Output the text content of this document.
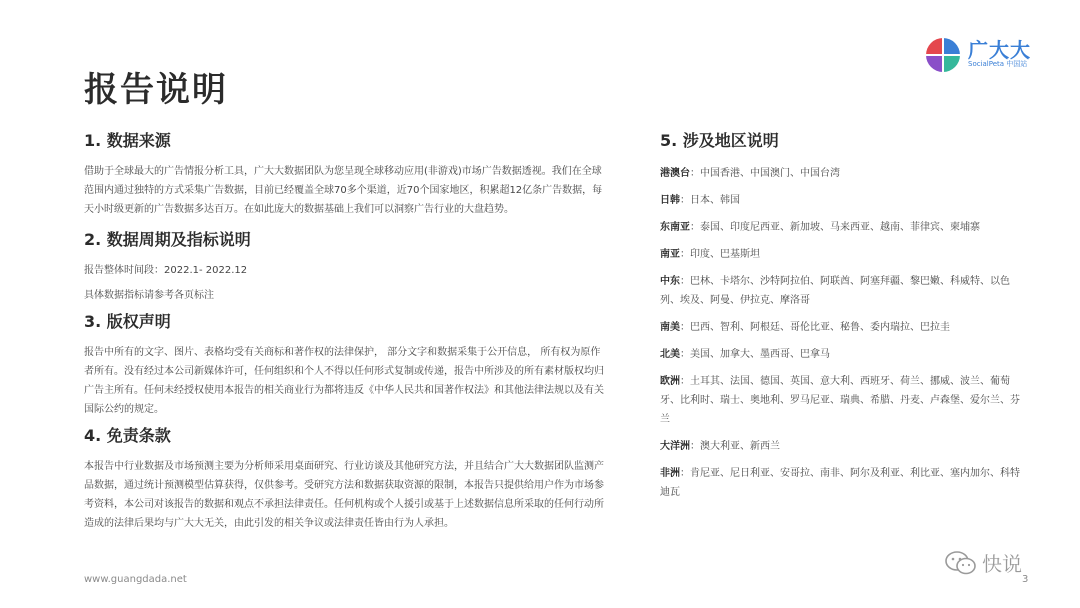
报告说明
广大大
SocialPeta 中国站
1. 数据来源

借助于全球最大的广告情报分析工具，广大大数据团队为您呈现全球移动应用(非游戏)市场广告数据透视。我们在全球范围内通过独特的方式采集广告数据，目前已经覆盖全球70多个渠道，近70个国家地区，积累超12亿条广告数据，每天小时级更新的广告数据多达百万。在如此庞大的数据基础上我们可以洞察广告行业的大盘趋势。

2. 数据周期及指标说明

报告整体时间段：2022.1- 2022.12

具体数据指标请参考各页标注

3. 版权声明

报告中所有的文字、图片、表格均受有关商标和著作权的法律保护， 部分文字和数据采集于公开信息， 所有权为原作者所有。没有经过本公司新媒体许可，任何组织和个人不得以任何形式复制或传递，报告中所涉及的所有素材版权均归广告主所有。任何未经授权使用本报告的相关商业行为都将违反《中华人民共和国著作权法》和其他法律法规以及有关国际公约的规定。

4. 免责条款

本报告中行业数据及市场预测主要为分析师采用桌面研究、行业访谈及其他研究方法，并且结合广大大数据团队监测产品数据，通过统计预测模型估算获得，仅供参考。受研究方法和数据获取资源的限制，本报告只提供给用户作为市场参考资料，本公司对该报告的数据和观点不承担法律责任。任何机构或个人援引或基于上述数据信息所采取的任何行动所造成的法律后果均与广大大无关，由此引发的相关争议或法律责任皆由行为人承担。

5. 涉及地区说明

港澳台：中国香港、中国澳门、中国台湾

日韩：日本、韩国

东南亚：泰国、印度尼西亚、新加坡、马来西亚、越南、菲律宾、柬埔寨

南亚：印度、巴基斯坦

中东：巴林、卡塔尔、沙特阿拉伯、阿联酋、阿塞拜疆、黎巴嫩、科威特、以色列、埃及、阿曼、伊拉克、摩洛哥

南美：巴西、智利、阿根廷、哥伦比亚、秘鲁、委内瑞拉、巴拉圭

北美：美国、加拿大、墨西哥、巴拿马

欧洲：土耳其、法国、德国、英国、意大利、西班牙、荷兰、挪威、波兰、葡萄牙、比利时、瑞士、奥地利、罗马尼亚、瑞典、希腊、丹麦、卢森堡、爱尔兰、芬兰

大洋洲：澳大利亚、新西兰

非洲：肯尼亚、尼日利亚、安哥拉、南非、阿尔及利亚、利比亚、塞内加尔、科特迪瓦

www.guangdada.net
快说
3
